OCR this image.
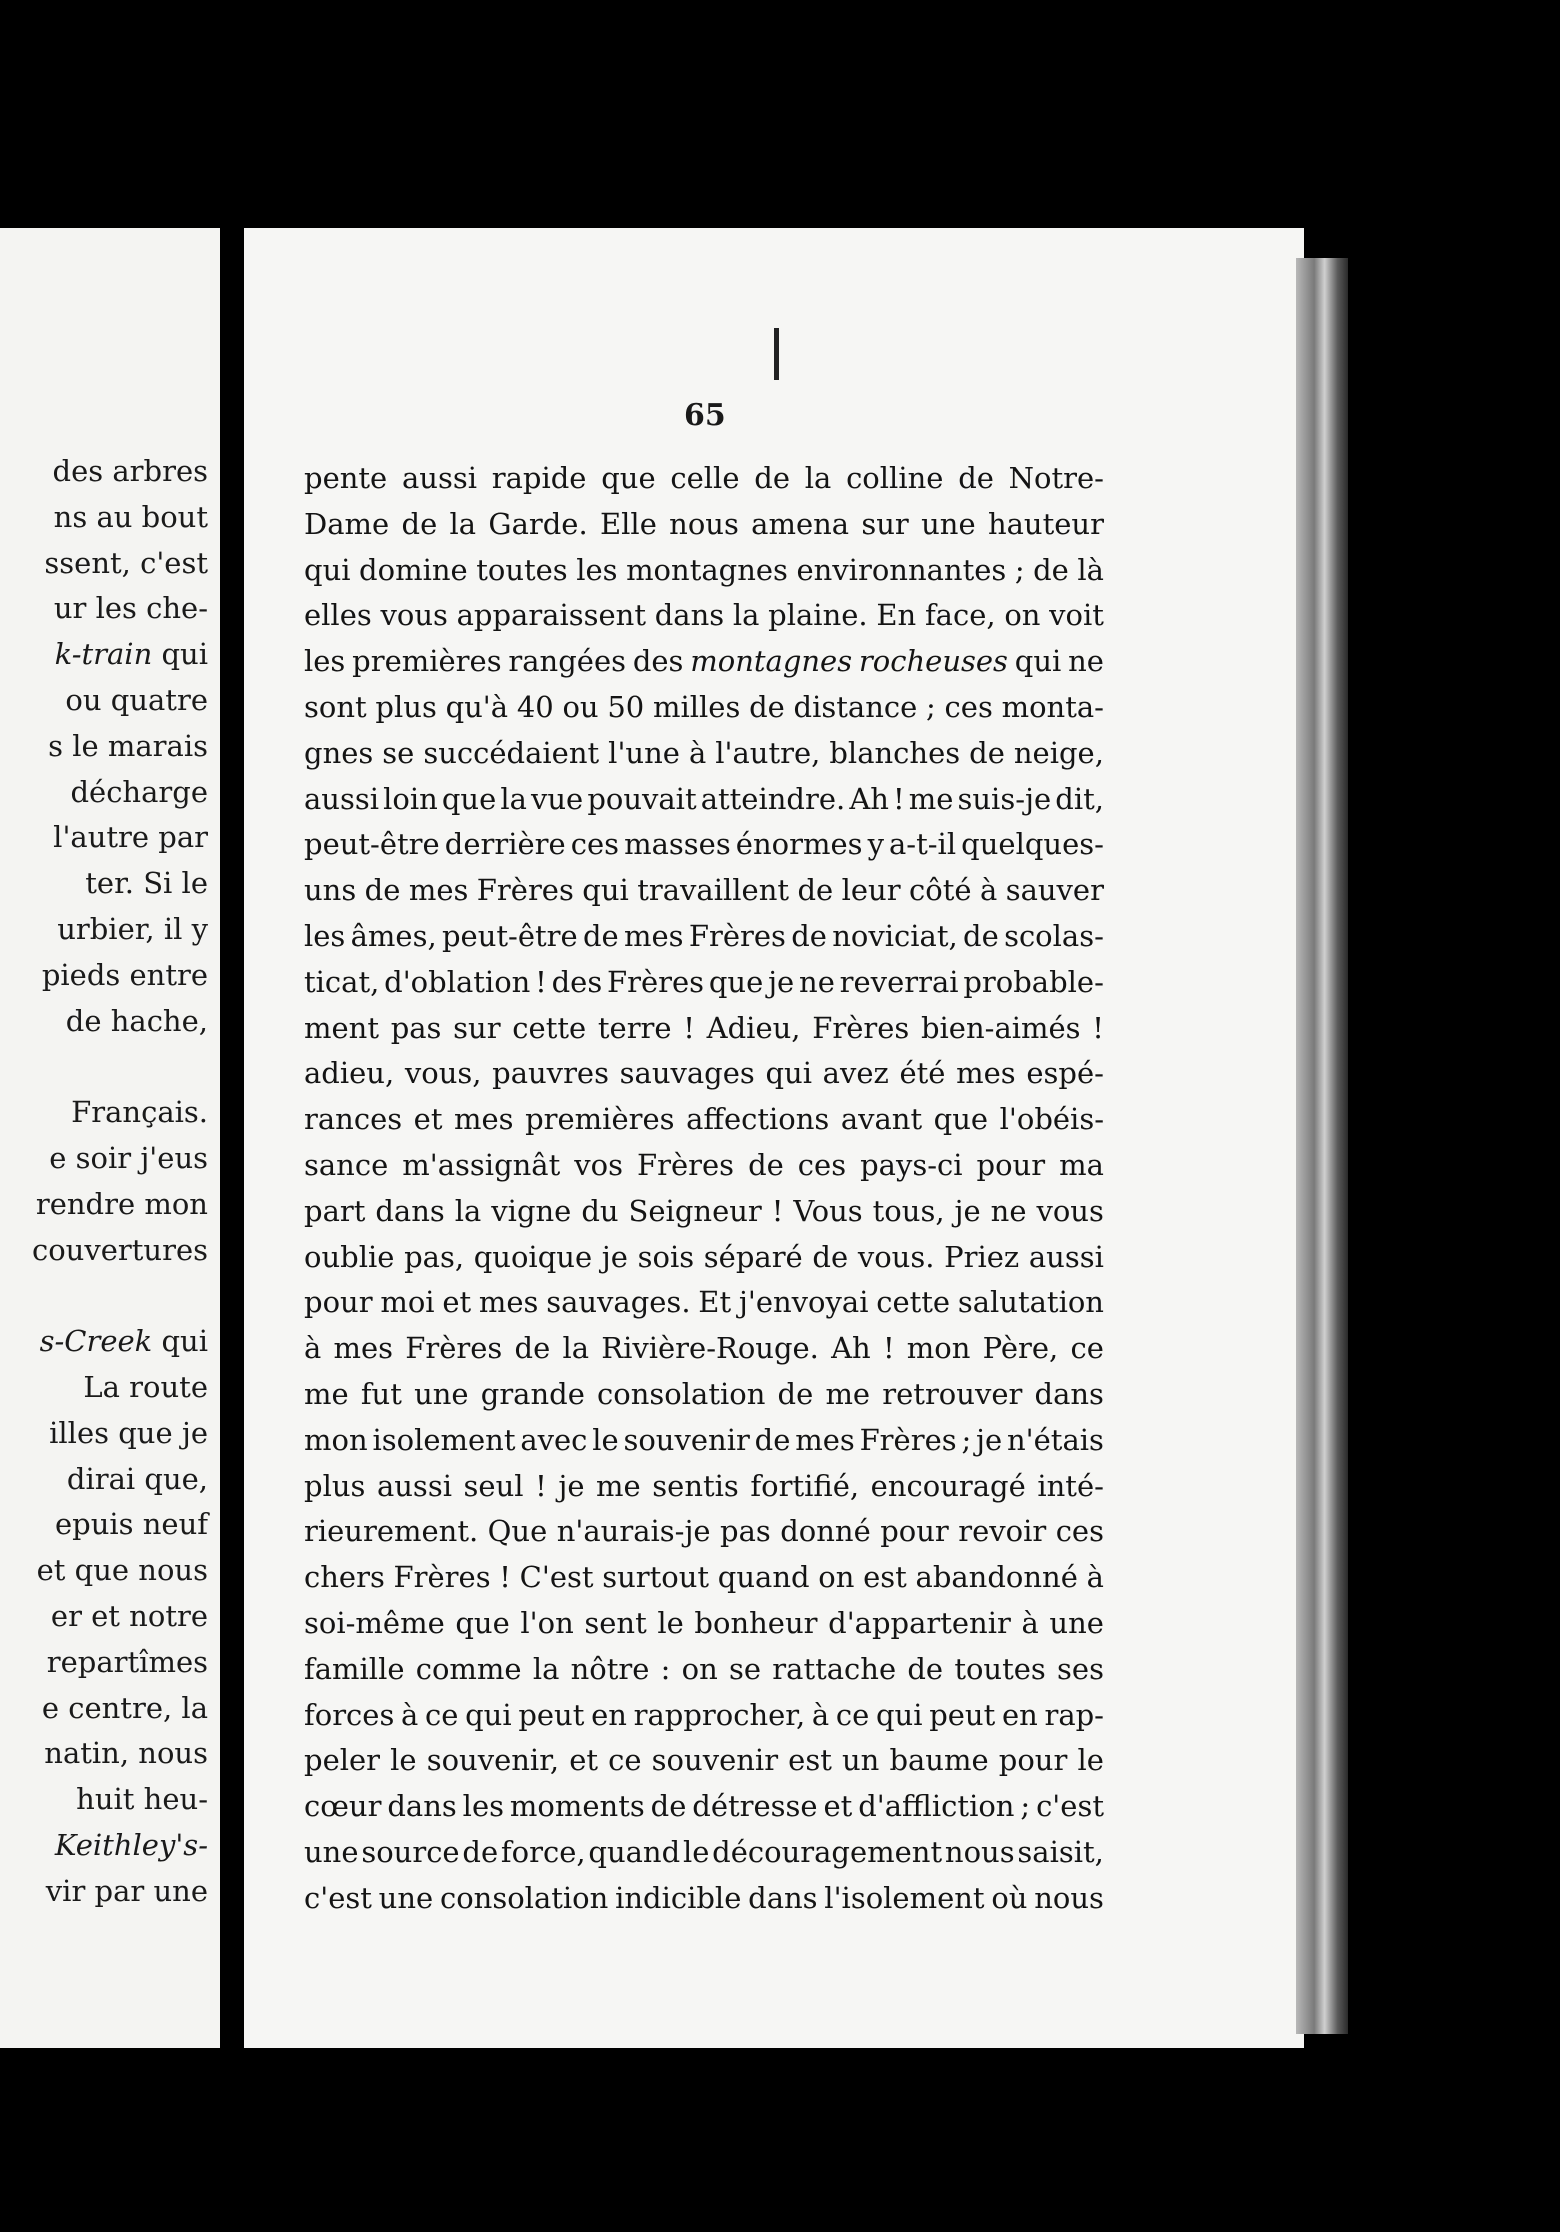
des arbres
ns au bout
ssent, c'est
ur les che-
k-train qui
ou quatre
s le marais
décharge
l'autre par
ter. Si le
urbier, il y
pieds entre
de hache,
Français.
e soir j'eus
rendre mon
couvertures
s-Creek qui
La route
illes que je
dirai que,
epuis neuf
et que nous
er et notre
repartîmes
e centre, la
natin, nous
huit heu-
Keithley's-
vir par une
65
pente aussi rapide que celle de la colline de Notre-
Dame de la Garde. Elle nous amena sur une hauteur
qui domine toutes les montagnes environnantes ; de là
elles vous apparaissent dans la plaine. En face, on voit
les premières rangées des montagnes rocheuses qui ne
sont plus qu'à 40 ou 50 milles de distance ; ces monta-
gnes se succédaient l'une à l'autre, blanches de neige,
aussi loin que la vue pouvait atteindre. Ah ! me suis-je dit,
peut-être derrière ces masses énormes y a-t-il quelques-
uns de mes Frères qui travaillent de leur côté à sauver
les âmes, peut-être de mes Frères de noviciat, de scolas-
ticat, d'oblation ! des Frères que je ne reverrai probable-
ment pas sur cette terre ! Adieu, Frères bien-aimés !
adieu, vous, pauvres sauvages qui avez été mes espé-
rances et mes premières affections avant que l'obéis-
sance m'assignât vos Frères de ces pays-ci pour ma
part dans la vigne du Seigneur ! Vous tous, je ne vous
oublie pas, quoique je sois séparé de vous. Priez aussi
pour moi et mes sauvages. Et j'envoyai cette salutation
à mes Frères de la Rivière-Rouge. Ah ! mon Père, ce
me fut une grande consolation de me retrouver dans
mon isolement avec le souvenir de mes Frères ; je n'étais
plus aussi seul ! je me sentis fortifié, encouragé inté-
rieurement. Que n'aurais-je pas donné pour revoir ces
chers Frères ! C'est surtout quand on est abandonné à
soi-même que l'on sent le bonheur d'appartenir à une
famille comme la nôtre : on se rattache de toutes ses
forces à ce qui peut en rapprocher, à ce qui peut en rap-
peler le souvenir, et ce souvenir est un baume pour le
cœur dans les moments de détresse et d'affliction ; c'est
une source de force, quand le découragement nous saisit,
c'est une consolation indicible dans l'isolement où nous
